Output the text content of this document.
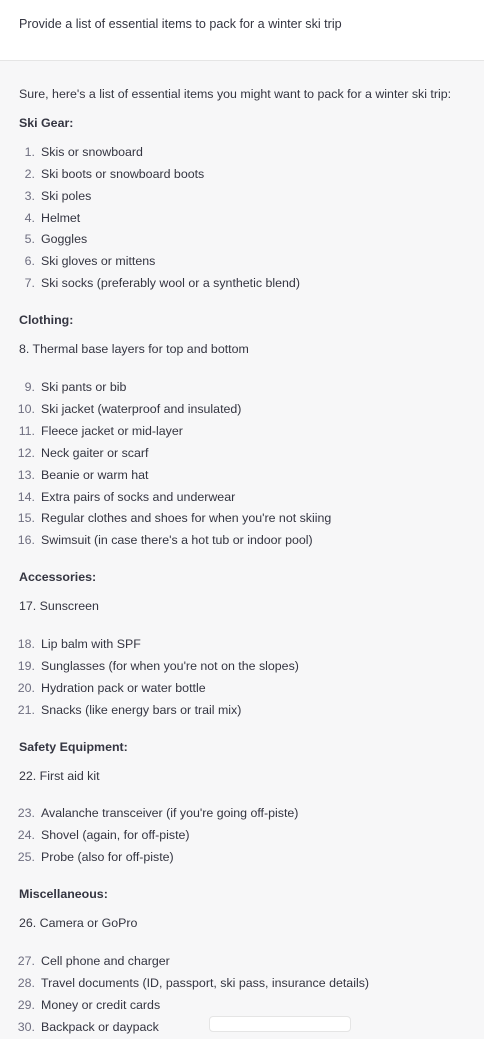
Provide a list of essential items to pack for a winter ski trip

Sure, here's a list of essential items you might want to pack for a winter ski trip:

Ski Gear:

1. Skis or snowboard
2. Ski boots or snowboard boots
3. Ski poles
4. Helmet
5. Goggles
6. Ski gloves or mittens
7. Ski socks (preferably wool or a synthetic blend)

Clothing:

8. Thermal base layers for top and bottom

9. Ski pants or bib
10. Ski jacket (waterproof and insulated)
11. Fleece jacket or mid-layer
12. Neck gaiter or scarf
13. Beanie or warm hat
14. Extra pairs of socks and underwear
15. Regular clothes and shoes for when you're not skiing
16. Swimsuit (in case there's a hot tub or indoor pool)

Accessories:

17. Sunscreen

18. Lip balm with SPF
19. Sunglasses (for when you're not on the slopes)
20. Hydration pack or water bottle
21. Snacks (like energy bars or trail mix)

Safety Equipment:

22. First aid kit

23. Avalanche transceiver (if you're going off-piste)
24. Shovel (again, for off-piste)
25. Probe (also for off-piste)

Miscellaneous:

26. Camera or GoPro

27. Cell phone and charger
28. Travel documents (ID, passport, ski pass, insurance details)
29. Money or credit cards
30. Backpack or daypack
